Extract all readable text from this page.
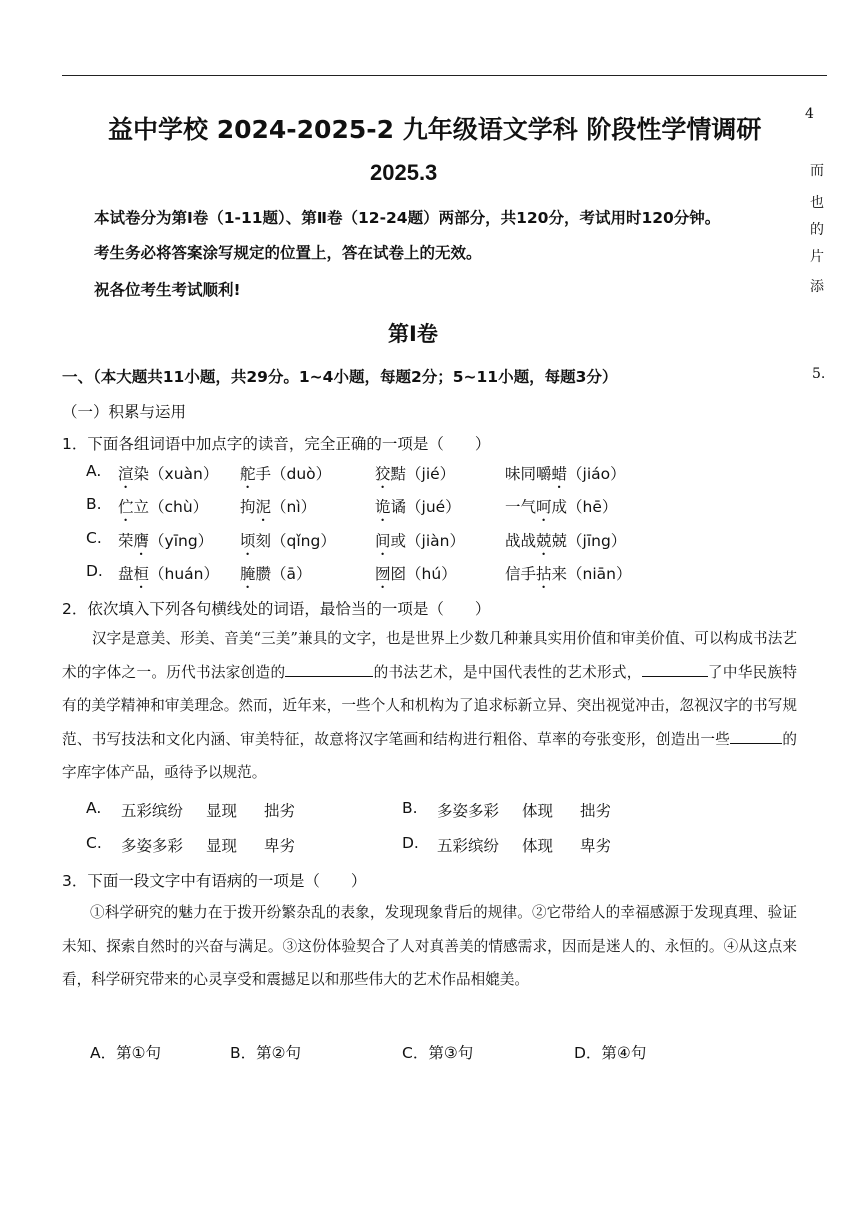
益中学校 2024-2025-2 九年级语文学科 阶段性学情调研
2025.3
本试卷分为第Ⅰ卷（1-11题）、第Ⅱ卷（12-24题）两部分，共120分，考试用时120分钟。
考生务必将答案涂写规定的位置上，答在试卷上的无效。
祝各位考生考试顺利!
第Ⅰ卷
一、（本大题共11小题，共29分。1~4小题，每题2分；5~11小题，每题3分）
（一）积累与运用
1．下面各组词语中加点字的读音，完全正确的一项是（　　）
A. 渲染（xuàn） 舵手（duò）	狡黠（jié）	味同嚼蜡（jiáo）
B. 伫立（chù） 拘泥（nì）	诡谲（jué）	一气呵成（hē）
C. 荣膺（yīng） 顷刻（qǐng）	间或（jiàn）	战战兢兢（jīng）
D. 盘桓（huán） 腌臜（ā）	囫囵（hú）	信手拈来（niān）
2．依次填入下列各句横线处的词语，最恰当的一项是（　　）
汉字是意美、形美、音美“三美”兼具的文字，也是世界上少数几种兼具实用价值和审美价值、可以构成书法艺术的字体之一。历代书法家创造的	的书法艺术，是中国代表性的艺术形式，	了中华民族特有的美学精神和审美理念。然而，近年来，一些个人和机构为了追求标新立异、突出视觉冲击，忽视汉字的书写规范、书写技法和文化内涵、审美特征，故意将汉字笔画和结构进行粗俗、草率的夸张变形，创造出一些	的字库字体产品，亟待予以规范。
A. 五彩缤纷 显现 拙劣	B. 多姿多彩 体现 拙劣
C. 多姿多彩 显现 卑劣	D. 五彩缤纷 体现 卑劣
3．下面一段文字中有语病的一项是（　　）
①科学研究的魅力在于拨开纷繁杂乱的表象，发现现象背后的规律。②它带给人的幸福感源于发现真理、验证未知、探索自然时的兴奋与满足。③这份体验契合了人对真善美的情感需求，因而是迷人的、永恒的。④从这点来看，科学研究带来的心灵享受和震撼足以和那些伟大的艺术作品相媲美。
A．第①句	B．第②句	C．第③句	D．第④句
4
而
也
的
片
添
5.
